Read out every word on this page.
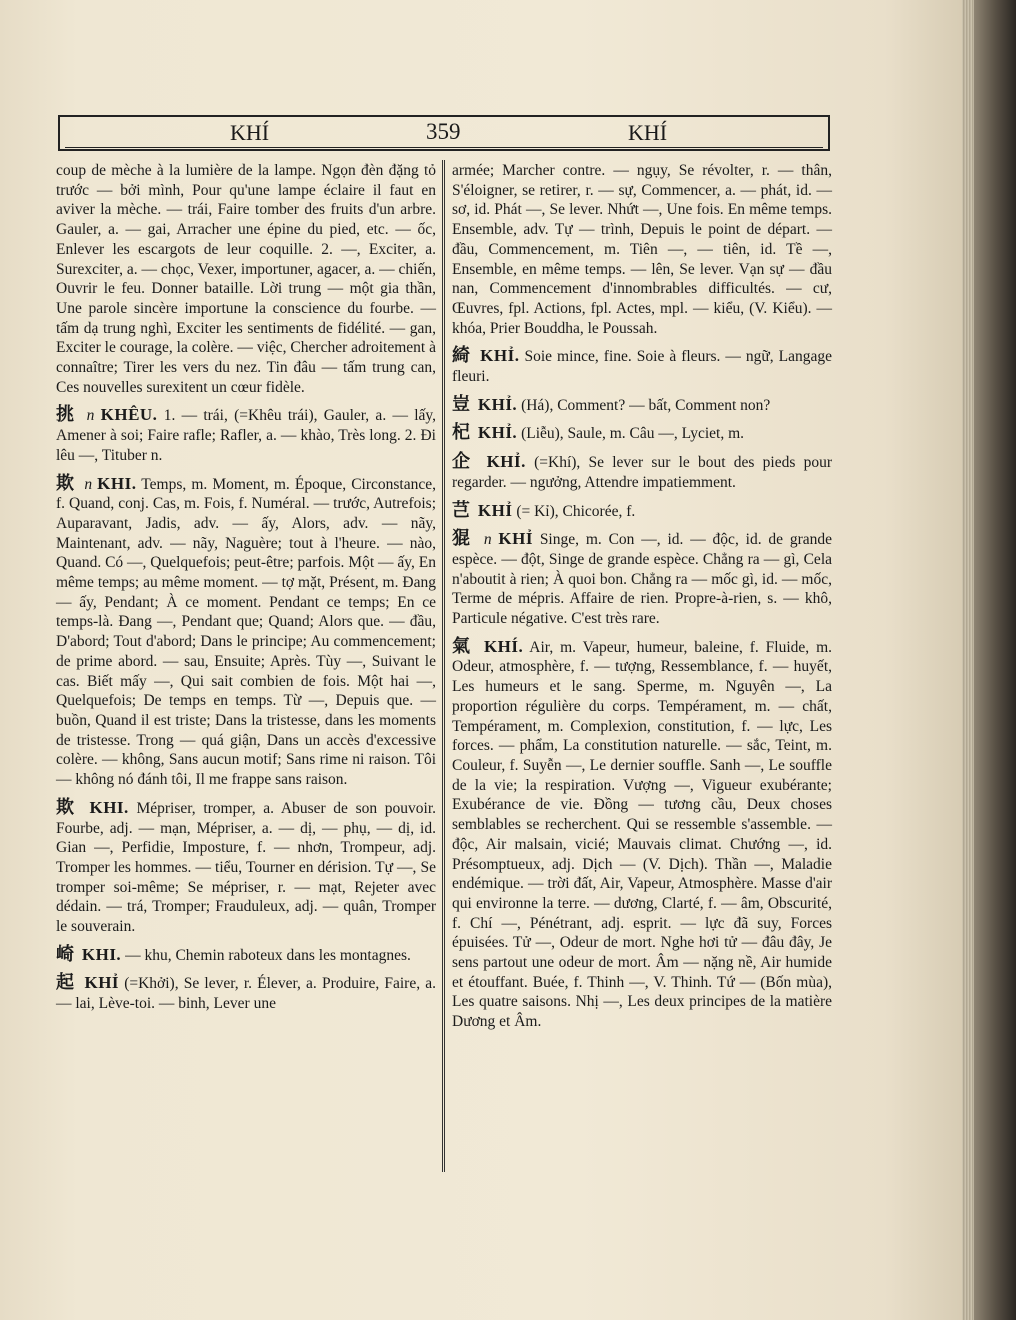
KHÍ	359	KHÍ

coup de mèche à la lumière de la lampe. Ngọn đèn đặng tỏ trước — bởi mình, Pour qu'une lampe éclaire il faut en aviver la mèche. — trái, Faire tomber des fruits d'un arbre. Gauler, a. — gai, Arracher une épine du pied, etc. — ốc, Enlever les escargots de leur coquille. 2. —, Exciter, a. Surexciter, a. — chọc, Vexer, importuner, agacer, a. — chiến, Ouvrir le feu. Donner bataille. Lời trung — một gia thần, Une parole sincère importune la conscience du fourbe. — tấm dạ trung nghì, Exciter les sentiments de fidélité. — gan, Exciter le courage, la colère. — việc, Chercher adroitement à connaître; Tirer les vers du nez. Tin đâu — tấm trung can, Ces nouvelles surexitent un cœur fidèle.

挑 n KHÊU. 1. — trái, (=Khêu trái), Gauler, a. — lấy, Amener à soi; Faire rafle; Rafler, a. — khào, Très long. 2. Đi lêu —, Tituber n.

欺 n KHI. Temps, m. Moment, m. Époque, Circonstance, f. Quand, conj. Cas, m. Fois, f. Numéral. — trước, Autrefois; Auparavant, Jadis, adv. — ấy, Alors, adv. — nãy, Maintenant, adv. — nãy, Naguère; tout à l'heure. — nào, Quand. Có —, Quelquefois; peut-être; parfois. Một — ấy, En même temps; au même moment. — tợ mặt, Présent, m. Đang — ấy, Pendant; À ce moment. Pendant ce temps; En ce temps-là. Đang —, Pendant que; Quand; Alors que. — đầu, D'abord; Tout d'abord; Dans le principe; Au commencement; de prime abord. — sau, Ensuite; Après. Tùy —, Suivant le cas. Biết mấy —, Qui sait combien de fois. Một hai —, Quelquefois; De temps en temps. Từ —, Depuis que. — buồn, Quand il est triste; Dans la tristesse, dans les moments de tristesse. Trong — quá giận, Dans un accès d'excessive colère. — không, Sans aucun motif; Sans rime ni raison. Tôi — không nó đánh tôi, Il me frappe sans raison.

欺 KHI. Mépriser, tromper, a. Abuser de son pouvoir. Fourbe, adj. — mạn, Mépriser, a. — dị, — phụ, — dị, id. Gian —, Perfidie, Imposture, f. — nhơn, Trompeur, adj. Tromper les hommes. — tiểu, Tourner en dérision. Tự —, Se tromper soi-même; Se mépriser, r. — mạt, Rejeter avec dédain. — trá, Tromper; Frauduleux, adj. — quân, Tromper le souverain.

崎 KHI. — khu, Chemin raboteux dans les montagnes.

起 KHỈ (=Khởi), Se lever, r. Élever, a. Produire, Faire, a. — lai, Lève-toi. — binh, Lever une

armée; Marcher contre. — ngụy, Se révolter, r. — thân, S'éloigner, se retirer, r. — sự, Commencer, a. — phát, id. — sơ, id. Phát —, Se lever. Nhứt —, Une fois. En même temps. Ensemble, adv. Tự — trình, Depuis le point de départ. — đầu, Commencement, m. Tiên —, — tiên, id. Tề —, Ensemble, en même temps. — lên, Se lever. Vạn sự — đầu nan, Commencement d'innombrables difficultés. — cư, Œuvres, fpl. Actions, fpl. Actes, mpl. — kiểu, (V. Kiểu). — khóa, Prier Bouddha, le Poussah.

綺 KHỈ. Soie mince, fine. Soie à fleurs. — ngữ, Langage fleuri.

豈 KHỈ. (Há), Comment? — bất, Comment non?

杞 KHỈ. (Liễu), Saule, m. Câu —, Lyciet, m.

企 KHỈ. (=Khí), Se lever sur le bout des pieds pour regarder. — ngưởng, Attendre impatiemment.

芑 KHỈ (= Kỉ), Chicorée, f.

猑 n KHỈ Singe, m. Con —, id. — độc, id. de grande espèce. — đột, Singe de grande espèce. Chẳng ra — gì, Cela n'aboutit à rien; À quoi bon. Chẳng ra — mốc gì, id. — mốc, Terme de mépris. Affaire de rien. Propre-à-rien, s. — khô, Particule négative. C'est très rare.

氣 KHÍ. Air, m. Vapeur, humeur, baleine, f. Fluide, m. Odeur, atmosphère, f. — tượng, Ressemblance, f. — huyết, Les humeurs et le sang. Sperme, m. Nguyên —, La proportion régulière du corps. Tempérament, m. — chất, Tempérament, m. Complexion, constitution, f. — lực, Les forces. — phẩm, La constitution naturelle. — sắc, Teint, m. Couleur, f. Suyễn —, Le dernier souffle. Sanh —, Le souffle de la vie; la respiration. Vượng —, Vigueur exubérante; Exubérance de vie. Đồng — tương cầu, Deux choses semblables se recherchent. Qui se ressemble s'assemble. — độc, Air malsain, vicié; Mauvais climat. Chướng —, id. Présomptueux, adj. Dịch — (V. Dịch). Thần —, Maladie endémique. — trời đất, Air, Vapeur, Atmosphère. Masse d'air qui environne la terre. — dương, Clarté, f. — âm, Obscurité, f. Chí —, Pénétrant, adj. esprit. — lực đã suy, Forces épuisées. Tử —, Odeur de mort. Nghe hơi tử — đâu đây, Je sens partout une odeur de mort. Âm — nặng nề, Air humide et étouffant. Buée, f. Thinh —, V. Thinh. Tứ — (Bốn mùa), Les quatre saisons. Nhị —, Les deux principes de la matière Dương et Âm.
